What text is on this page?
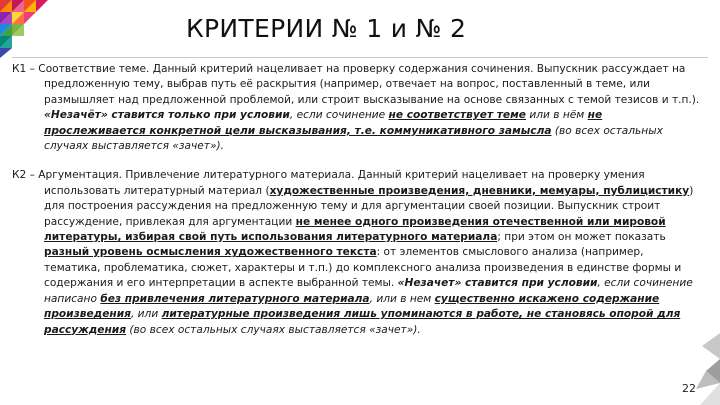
КРИТЕРИИ № 1 и № 2

К1 – Соответствие теме. Данный критерий нацеливает на проверку содержания сочинения. Выпускник рассуждает на предложенную тему, выбрав путь её раскрытия (например, отвечает на вопрос, поставленный в теме, или размышляет над предложенной проблемой, или строит высказывание на основе связанных с темой тезисов и т.п.). «Незачёт» ставится только при условии, если сочинение не соответствует теме или в нём не прослеживается конкретной цели высказывания, т.е. коммуникативного замысла (во всех остальных случаях выставляется «зачет»).

К2 – Аргументация. Привлечение литературного материала. Данный критерий нацеливает на проверку умения использовать литературный материал (художественные произведения, дневники, мемуары, публицистику) для построения рассуждения на предложенную тему и для аргументации своей позиции. Выпускник строит рассуждение, привлекая для аргументации не менее одного произведения отечественной или мировой литературы, избирая свой путь использования литературного материала; при этом он может показать разный уровень осмысления художественного текста: от элементов смыслового анализа (например, тематика, проблематика, сюжет, характеры и т.п.) до комплексного анализа произведения в единстве формы и содержания и его интерпретации в аспекте выбранной темы. «Незачет» ставится при условии, если сочинение написано без привлечения литературного материала, или в нем существенно искажено содержание произведения, или литературные произведения лишь упоминаются в работе, не становясь опорой для рассуждения (во всех остальных случаях выставляется «зачет»).

22
